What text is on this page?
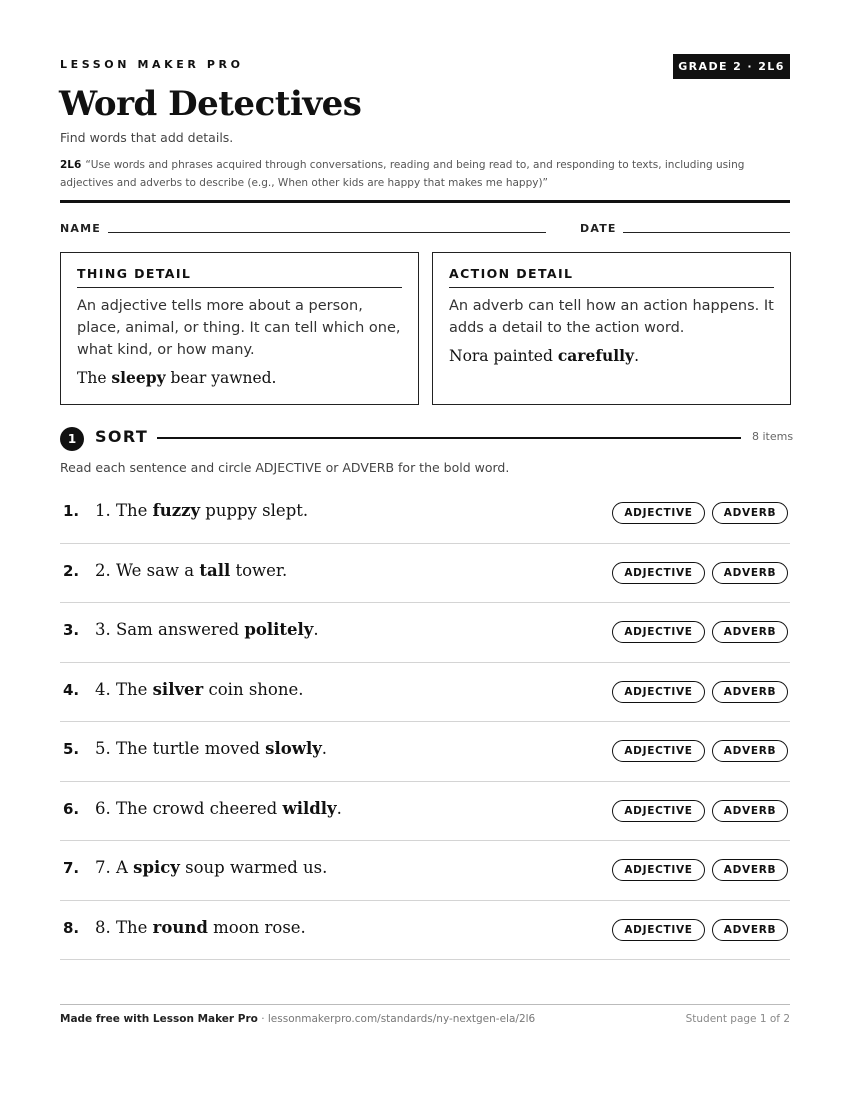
LESSON MAKER PRO	GRADE 2 · 2L6
Word Detectives
Find words that add details.
2L6 “Use words and phrases acquired through conversations, reading and being read to, and responding to texts, including using adjectives and adverbs to describe (e.g., When other kids are happy that makes me happy)”
NAME	DATE
THING DETAIL
An adjective tells more about a person, place, animal, or thing. It can tell which one, what kind, or how many.
The sleepy bear yawned.
ACTION DETAIL
An adverb can tell how an action happens. It adds a detail to the action word.
Nora painted carefully.
1	SORT	8 items
Read each sentence and circle ADJECTIVE or ADVERB for the bold word.
1. 1. The fuzzy puppy slept.	ADJECTIVE	ADVERB
2. 2. We saw a tall tower.	ADJECTIVE	ADVERB
3. 3. Sam answered politely.	ADJECTIVE	ADVERB
4. 4. The silver coin shone.	ADJECTIVE	ADVERB
5. 5. The turtle moved slowly.	ADJECTIVE	ADVERB
6. 6. The crowd cheered wildly.	ADJECTIVE	ADVERB
7. 7. A spicy soup warmed us.	ADJECTIVE	ADVERB
8. 8. The round moon rose.	ADJECTIVE	ADVERB
Made free with Lesson Maker Pro · lessonmakerpro.com/standards/ny-nextgen-ela/2l6	Student page 1 of 2
